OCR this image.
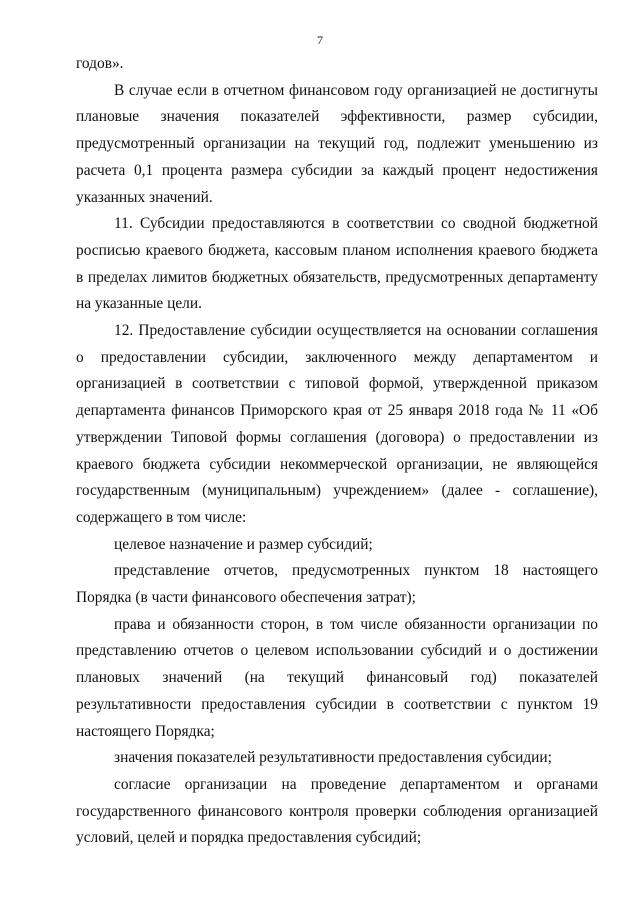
7

годов».

В случае если в отчетном финансовом году организацией не достигнуты плановые значения показателей эффективности, размер субсидии, предусмотренный организации на текущий год, подлежит уменьшению из расчета 0,1 процента размера субсидии за каждый процент недостижения указанных значений.

11. Субсидии предоставляются в соответствии со сводной бюджетной росписью краевого бюджета, кассовым планом исполнения краевого бюджета в пределах лимитов бюджетных обязательств, предусмотренных департаменту на указанные цели.

12. Предоставление субсидии осуществляется на основании соглашения о предоставлении субсидии, заключенного между департаментом и организацией в соответствии с типовой формой, утвержденной приказом департамента финансов Приморского края от 25 января 2018 года № 11 «Об утверждении Типовой формы соглашения (договора) о предоставлении из краевого бюджета субсидии некоммерческой организации, не являющейся государственным (муниципальным) учреждением» (далее - соглашение), содержащего в том числе:

целевое назначение и размер субсидий;

представление отчетов, предусмотренных пунктом 18 настоящего Порядка (в части финансового обеспечения затрат);

права и обязанности сторон, в том числе обязанности организации по представлению отчетов о целевом использовании субсидий и о достижении плановых значений (на текущий финансовый год) показателей результативности предоставления субсидии в соответствии с пунктом 19 настоящего Порядка;

значения показателей результативности предоставления субсидии;

согласие организации на проведение департаментом и органами государственного финансового контроля проверки соблюдения организацией условий, целей и порядка предоставления субсидий;
